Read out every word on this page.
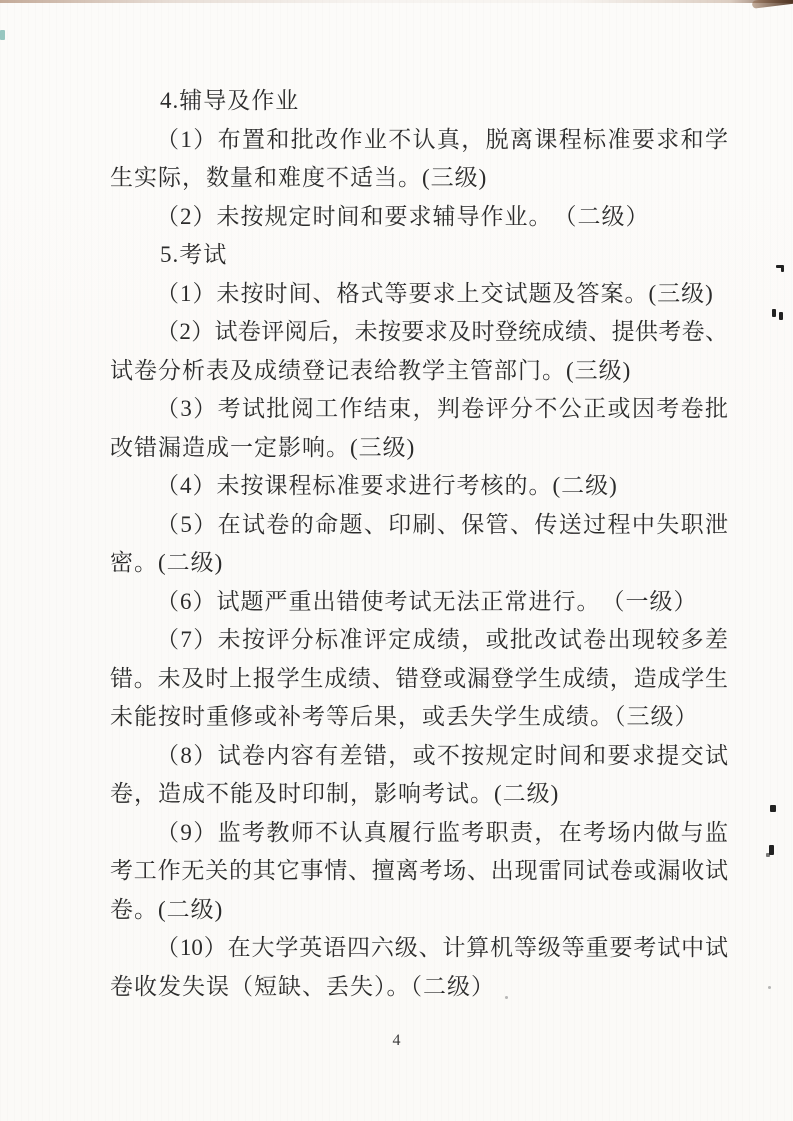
4.辅导及作业
（1）布置和批改作业不认真，脱离课程标准要求和学
生实际，数量和难度不适当。(三级)
（2）未按规定时间和要求辅导作业。　（二级）
5.考试
（1）未按时间、格式等要求上交试题及答案。(三级)
（2）试卷评阅后，未按要求及时登统成绩、提供考卷、
试卷分析表及成绩登记表给教学主管部门。(三级)
（3）考试批阅工作结束，判卷评分不公正或因考卷批
改错漏造成一定影响。(三级)
（4）未按课程标准要求进行考核的。(二级)
（5）在试卷的命题、印刷、保管、传送过程中失职泄
密。(二级)
（6）试题严重出错使考试无法正常进行。　（一级）
（7）未按评分标准评定成绩，或批改试卷出现较多差
错。未及时上报学生成绩、错登或漏登学生成绩，造成学生
未能按时重修或补考等后果，或丢失学生成绩。（三级）
（8）试卷内容有差错，或不按规定时间和要求提交试
卷，造成不能及时印制，影响考试。(二级)
（9）监考教师不认真履行监考职责，在考场内做与监
考工作无关的其它事情、擅离考场、出现雷同试卷或漏收试
卷。(二级)
（10）在大学英语四六级、计算机等级等重要考试中试
卷收发失误（短缺、丢失）。（二级）
4
